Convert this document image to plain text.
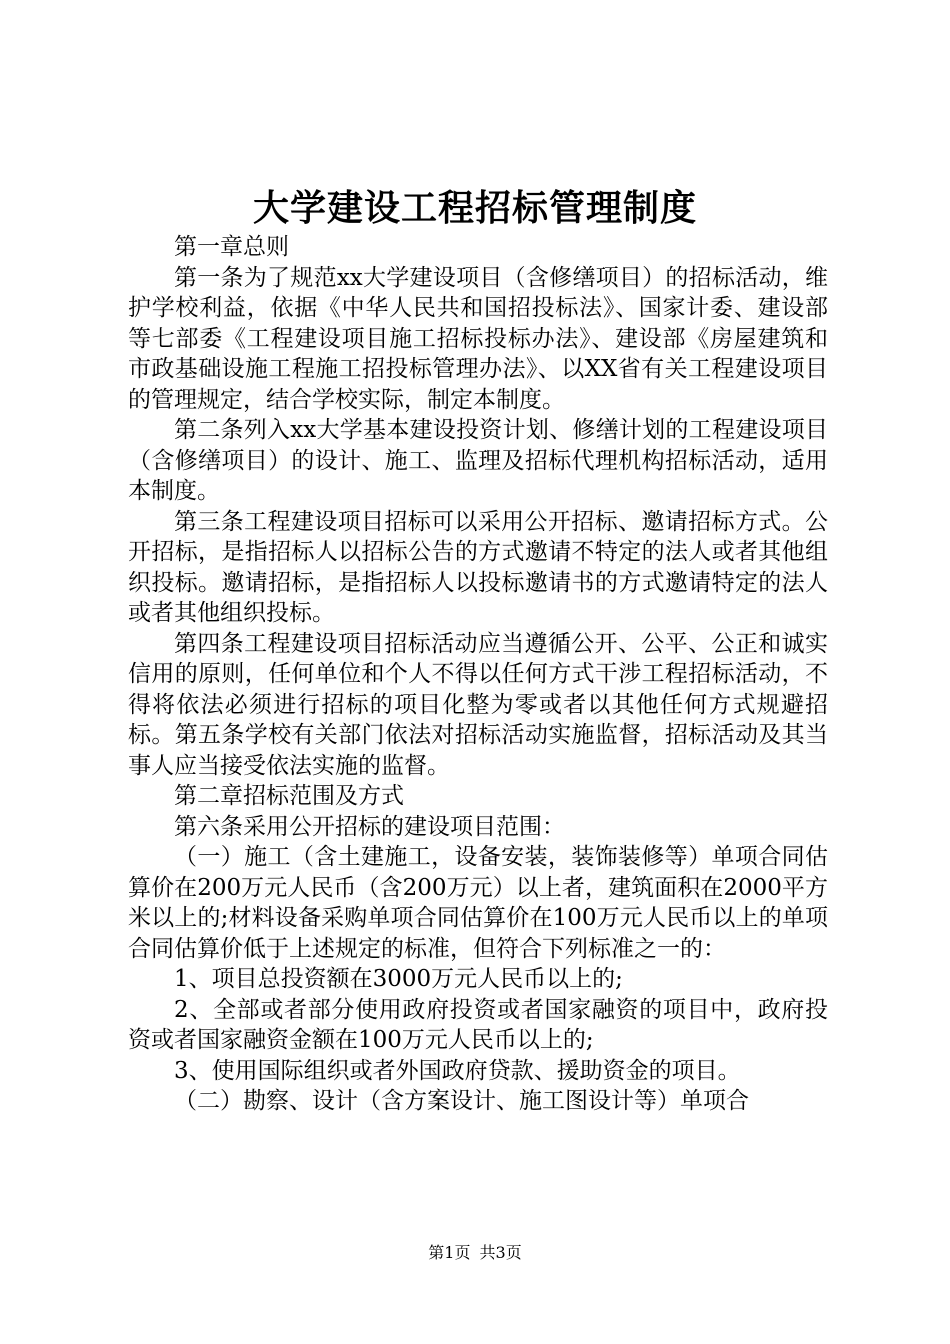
大学建设工程招标管理制度

第一章总则

第一条为了规范xx大学建设项目（含修缮项目）的招标活动，维护学校利益，依据《中华人民共和国招投标法》、国家计委、建设部等七部委《工程建设项目施工招标投标办法》、建设部《房屋建筑和市政基础设施工程施工招投标管理办法》、以XX省有关工程建设项目的管理规定，结合学校实际，制定本制度。

第二条列入xx大学基本建设投资计划、修缮计划的工程建设项目（含修缮项目）的设计、施工、监理及招标代理机构招标活动，适用本制度。

第三条工程建设项目招标可以采用公开招标、邀请招标方式。公开招标，是指招标人以招标公告的方式邀请不特定的法人或者其他组织投标。邀请招标，是指招标人以投标邀请书的方式邀请特定的法人或者其他组织投标。

第四条工程建设项目招标活动应当遵循公开、公平、公正和诚实信用的原则，任何单位和个人不得以任何方式干涉工程招标活动，不得将依法必须进行招标的项目化整为零或者以其他任何方式规避招标。第五条学校有关部门依法对招标活动实施监督，招标活动及其当事人应当接受依法实施的监督。

第二章招标范围及方式

第六条采用公开招标的建设项目范围：

（一）施工（含土建施工，设备安装，装饰装修等）单项合同估算价在200万元人民币（含200万元）以上者，建筑面积在2000平方米以上的;材料设备采购单项合同估算价在100万元人民币以上的单项合同估算价低于上述规定的标准，但符合下列标准之一的：

1、项目总投资额在3000万元人民币以上的;

2、全部或者部分使用政府投资或者国家融资的项目中，政府投资或者国家融资金额在100万元人民币以上的;

3、使用国际组织或者外国政府贷款、援助资金的项目。

（二）勘察、设计（含方案设计、施工图设计等）单项合

第1页 共3页
